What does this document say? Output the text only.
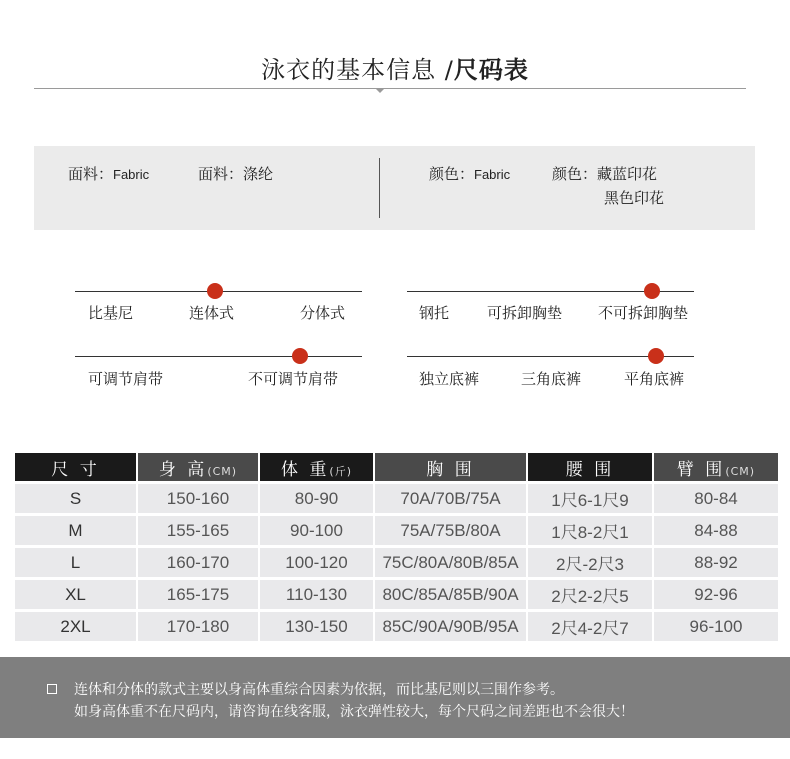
泳衣的基本信息 /尺码表
面料：Fabric	面料：涤纶	颜色：Fabric	颜色：藏蓝印花
黑色印花
比基尼	连体式	分体式	钢托	可拆卸胸垫 不可拆卸胸垫
可调节肩带	不可调节肩带	独立底裤	三角底裤	平角底裤
尺 寸	身 高(CM)	体 重(斤)	胸 围	腰 围	臂 围(CM)
S	150-160	80-90	70A/70B/75A	1尺6-1尺9	80-84
M	155-165	90-100	75A/75B/80A	1尺8-2尺1	84-88
L	160-170	100-120	75C/80A/80B/85A	2尺-2尺3	88-92
XL	165-175	110-130	80C/85A/85B/90A	2尺2-2尺5	92-96
2XL	170-180	130-150	85C/90A/90B/95A	2尺4-2尺7	96-100
连体和分体的款式主要以身高体重综合因素为依据，而比基尼则以三围作参考。
如身高体重不在尺码内，请咨询在线客服，泳衣弹性较大，每个尺码之间差距也不会很大！
